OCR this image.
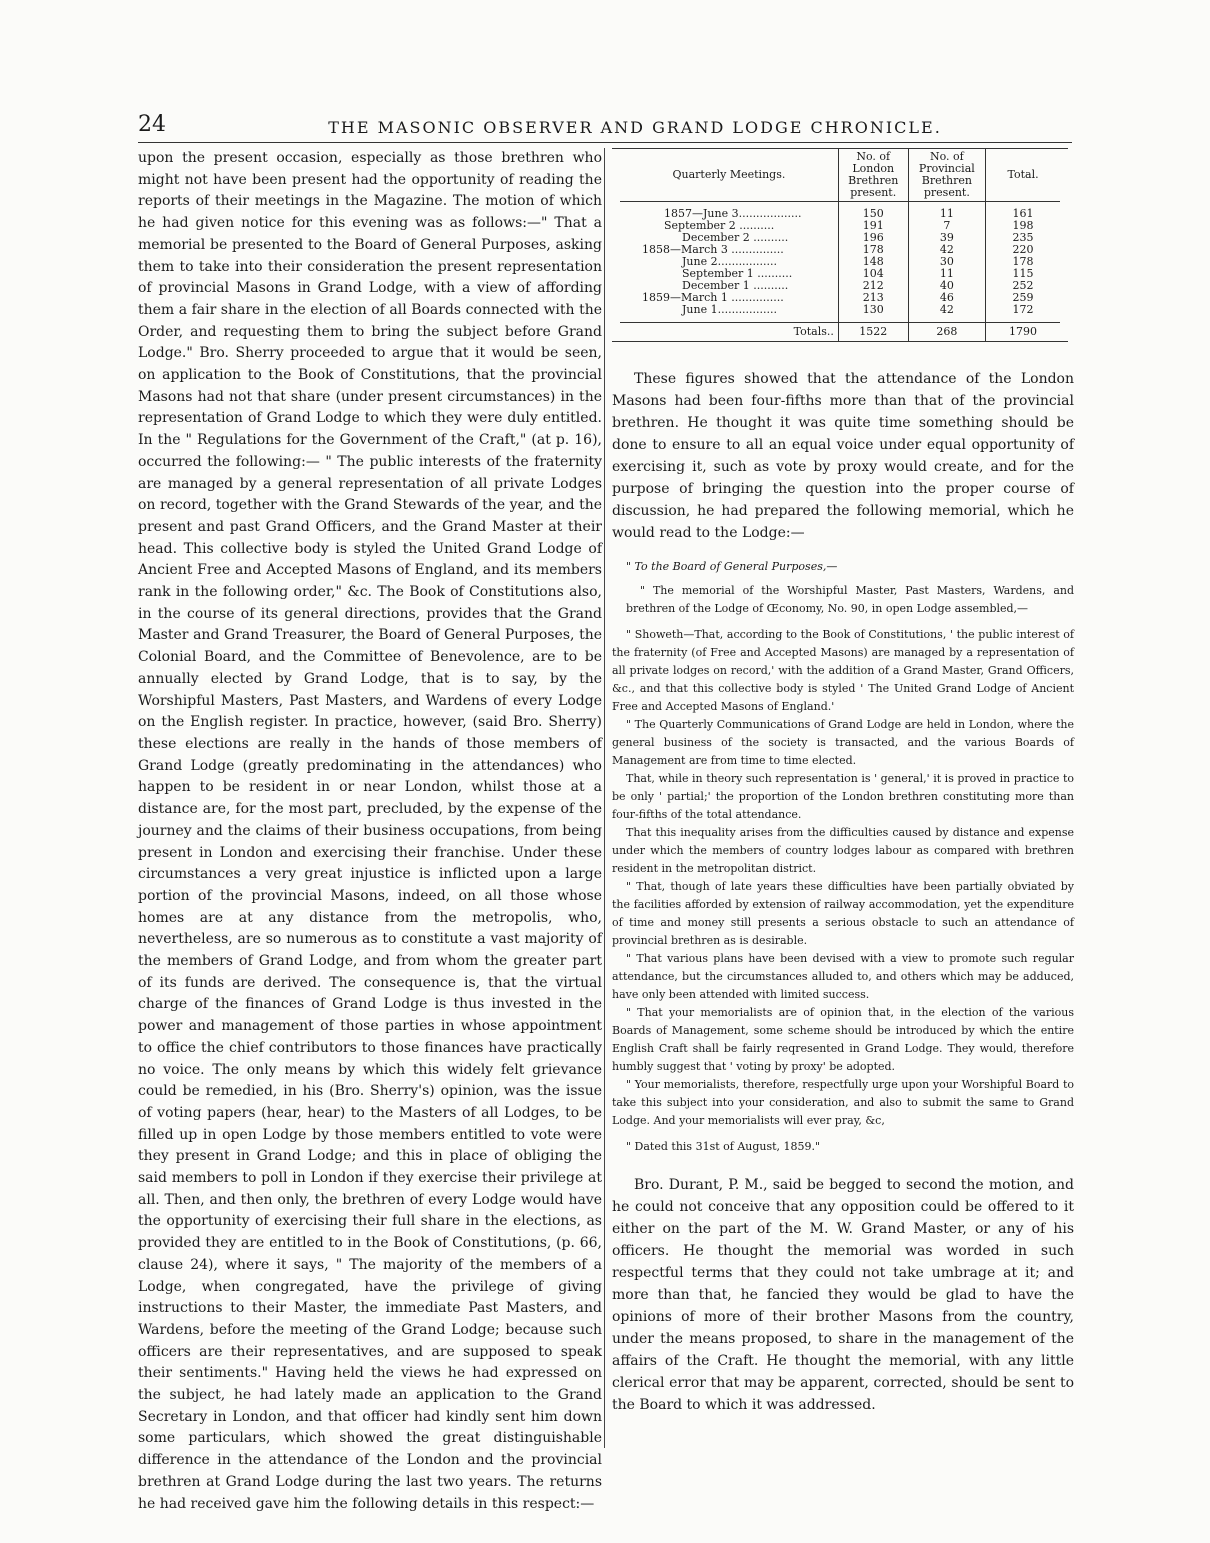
24	THE MASONIC OBSERVER AND GRAND LODGE CHRONICLE.

upon the present occasion, especially as those brethren who might not have been present had the opportunity of reading the reports of their meetings in the Magazine. The motion of which he had given notice for this evening was as follows:—" That a memorial be presented to the Board of General Purposes, asking them to take into their consideration the present representation of provincial Masons in Grand Lodge, with a view of affording them a fair share in the election of all Boards connected with the Order, and requesting them to bring the subject before Grand Lodge." Bro. Sherry proceeded to argue that it would be seen, on application to the Book of Constitutions, that the provincial Masons had not that share (under present circumstances) in the representation of Grand Lodge to which they were duly entitled. In the " Regulations for the Government of the Craft," (at p. 16), occurred the following:— " The public interests of the fraternity are managed by a general representation of all private Lodges on record, together with the Grand Stewards of the year, and the present and past Grand Officers, and the Grand Master at their head. This collective body is styled the United Grand Lodge of Ancient Free and Accepted Masons of England, and its members rank in the following order," &c. The Book of Constitutions also, in the course of its general directions, provides that the Grand Master and Grand Treasurer, the Board of General Purposes, the Colonial Board, and the Committee of Benevolence, are to be annually elected by Grand Lodge, that is to say, by the Worshipful Masters, Past Masters, and Wardens of every Lodge on the English register. In practice, however, (said Bro. Sherry) these elections are really in the hands of those members of Grand Lodge (greatly predominating in the attendances) who happen to be resident in or near London, whilst those at a distance are, for the most part, precluded, by the expense of the journey and the claims of their business occupations, from being present in London and exercising their franchise. Under these circumstances a very great injustice is inflicted upon a large portion of the provincial Masons, indeed, on all those whose homes are at any distance from the metropolis, who, nevertheless, are so numerous as to constitute a vast majority of the members of Grand Lodge, and from whom the greater part of its funds are derived. The consequence is, that the virtual charge of the finances of Grand Lodge is thus invested in the power and management of those parties in whose appointment to office the chief contributors to those finances have practically no voice. The only means by which this widely felt grievance could be remedied, in his (Bro. Sherry's) opinion, was the issue of voting papers (hear, hear) to the Masters of all Lodges, to be filled up in open Lodge by those members entitled to vote were they present in Grand Lodge; and this in place of obliging the said members to poll in London if they exercise their privilege at all. Then, and then only, the brethren of every Lodge would have the opportunity of exercising their full share in the elections, as provided they are entitled to in the Book of Constitutions, (p. 66, clause 24), where it says, " The majority of the members of a Lodge, when congregated, have the privilege of giving instructions to their Master, the immediate Past Masters, and Wardens, before the meeting of the Grand Lodge; because such officers are their representatives, and are supposed to speak their sentiments." Having held the views he had expressed on the subject, he had lately made an application to the Grand Secretary in London, and that officer had kindly sent him down some particulars, which showed the great distinguishable difference in the attendance of the London and the provincial brethren at Grand Lodge during the last two years. The returns he had received gave him the following details in this respect:—

Quarterly Meetings.	No. of London Brethren present.	No. of Provincial Brethren present.	Total.
1857—June 3..................	150	11	161
September 2 ..........	191	7	198
December 2 ..........	196	39	235
1858—March 3 ...............	178	42	220
June 2.................	148	30	178
September 1 ..........	104	11	115
December 1 ..........	212	40	252
1859—March 1 ...............	213	46	259
June 1.................	130	42	172
Totals..	1522	268	1790

These figures showed that the attendance of the London Masons had been four-fifths more than that of the provincial brethren. He thought it was quite time something should be done to ensure to all an equal voice under equal opportunity of exercising it, such as vote by proxy would create, and for the purpose of bringing the question into the proper course of discussion, he had prepared the following memorial, which he would read to the Lodge:—

" To the Board of General Purposes,—

" The memorial of the Worshipful Master, Past Masters, Wardens, and brethren of the Lodge of Œconomy, No. 90, in open Lodge assembled,—

" Showeth—That, according to the Book of Constitutions, ' the public interest of the fraternity (of Free and Accepted Masons) are managed by a representation of all private lodges on record,' with the addition of a Grand Master, Grand Officers, &c., and that this collective body is styled ' The United Grand Lodge of Ancient Free and Accepted Masons of England.'

" The Quarterly Communications of Grand Lodge are held in London, where the general business of the society is transacted, and the various Boards of Management are from time to time elected.

That, while in theory such representation is ' general,' it is proved in practice to be only ' partial;' the proportion of the London brethren constituting more than four-fifths of the total attendance.

That this inequality arises from the difficulties caused by distance and expense under which the members of country lodges labour as compared with brethren resident in the metropolitan district.

" That, though of late years these difficulties have been partially obviated by the facilities afforded by extension of railway accommodation, yet the expenditure of time and money still presents a serious obstacle to such an attendance of provincial brethren as is desirable.

" That various plans have been devised with a view to promote such regular attendance, but the circumstances alluded to, and others which may be adduced, have only been attended with limited success.

" That your memorialists are of opinion that, in the election of the various Boards of Management, some scheme should be introduced by which the entire English Craft shall be fairly reqresented in Grand Lodge. They would, therefore humbly suggest that ' voting by proxy' be adopted.

" Your memorialists, therefore, respectfully urge upon your Worshipful Board to take this subject into your consideration, and also to submit the same to Grand Lodge. And your memorialists will ever pray, &c,

" Dated this 31st of August, 1859."

Bro. Durant, P. M., said be begged to second the motion, and he could not conceive that any opposition could be offered to it either on the part of the M. W. Grand Master, or any of his officers. He thought the memorial was worded in such respectful terms that they could not take umbrage at it; and more than that, he fancied they would be glad to have the opinions of more of their brother Masons from the country, under the means proposed, to share in the management of the affairs of the Craft. He thought the memorial, with any little clerical error that may be apparent, corrected, should be sent to the Board to which it was addressed.
